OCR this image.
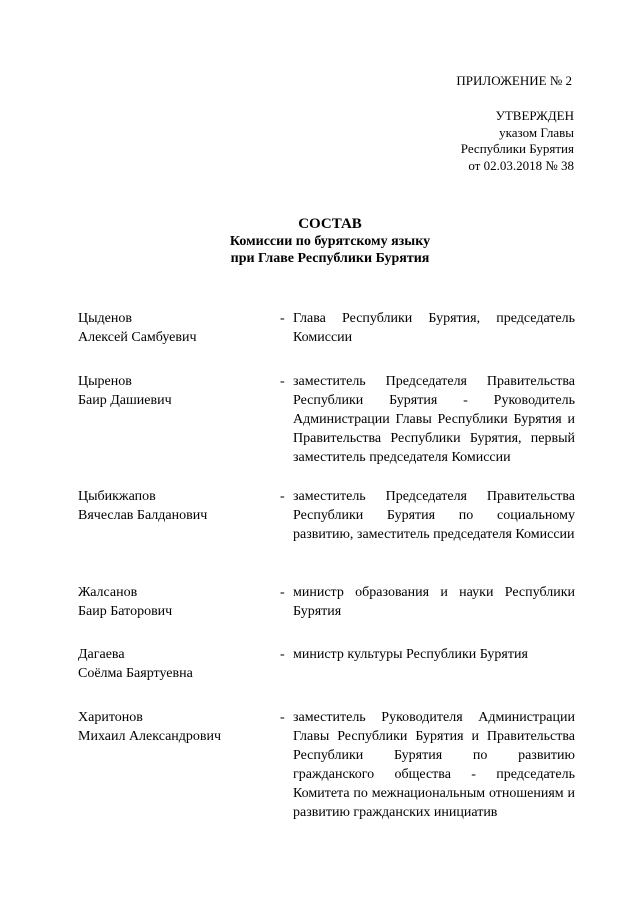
ПРИЛОЖЕНИЕ № 2
УТВЕРЖДЕН
указом Главы
Республики Бурятия
от 02.03.2018 № 38
СОСТАВ
Комиссии по бурятскому языку
при Главе Республики Бурятия
Цыденов
Алексей Самбуевич
- Глава Республики Бурятия, председатель Комиссии
Цыренов
Баир Дашиевич
- заместитель Председателя Правительства Республики Бурятия - Руководитель Администрации Главы Республики Бурятия и Правительства Республики Бурятия, первый заместитель председателя Комиссии
Цыбикжапов
Вячеслав Балданович
- заместитель Председателя Правительства Республики Бурятия по социальному развитию, заместитель председателя Комиссии
Жалсанов
Баир Баторович
- министр образования и науки Республики Бурятия
Дагаева
Соёлма Баяртуевна
- министр культуры Республики Бурятия
Харитонов
Михаил Александрович
- заместитель Руководителя Администрации Главы Республики Бурятия и Правительства Республики Бурятия по развитию гражданского общества - председатель Комитета по межнациональным отношениям и развитию гражданских инициатив
